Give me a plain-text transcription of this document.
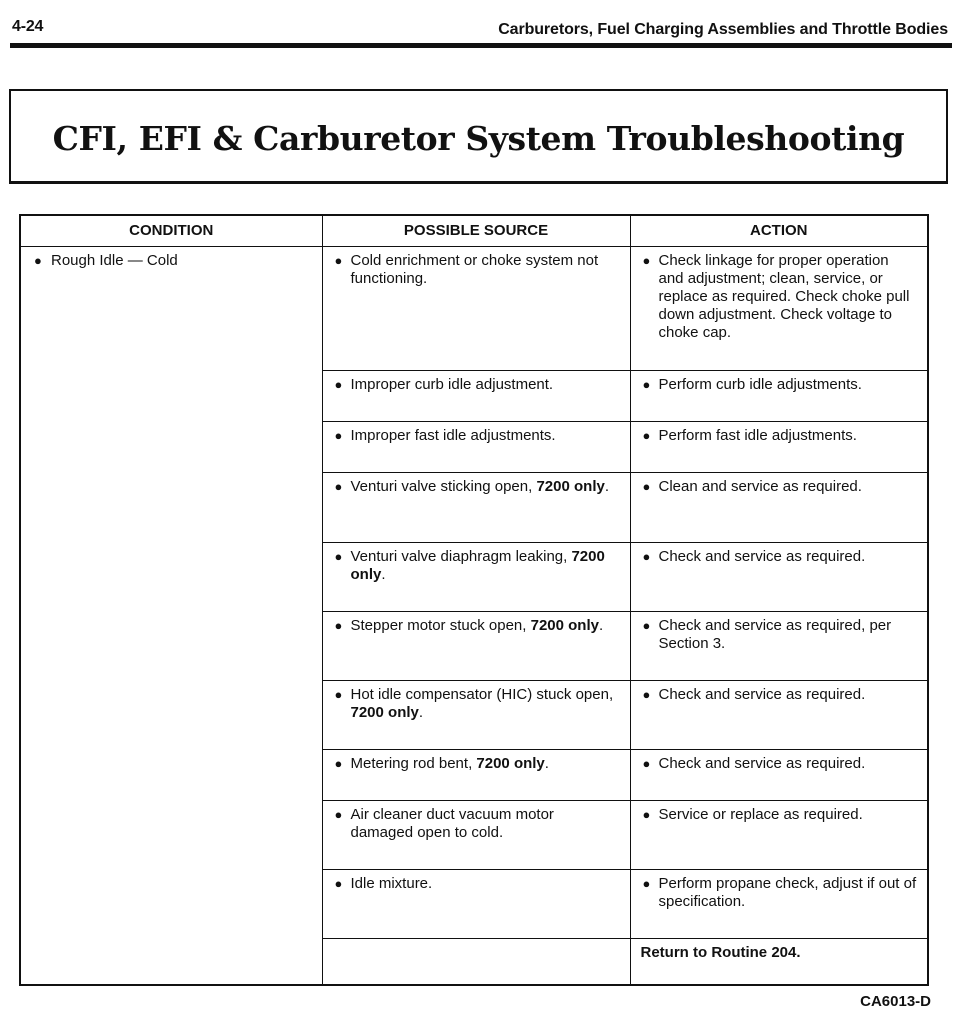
4-24	Carburetors, Fuel Charging Assemblies and Throttle Bodies
CFI, EFI & Carburetor System Troubleshooting
CONDITION	POSSIBLE SOURCE	ACTION

● Rough Idle — Cold	● Cold enrichment or choke system not functioning.	● Check linkage for proper operation and adjustment; clean, service, or replace as required. Check choke pull down adjustment. Check voltage to choke cap.

	● Improper curb idle adjustment.	● Perform curb idle adjustments.

	● Improper fast idle adjustments.	● Perform fast idle adjustments.

	● Venturi valve sticking open, 7200 only.	● Clean and service as required.

	● Venturi valve diaphragm leaking, 7200 only.	● Check and service as required.

	● Stepper motor stuck open, 7200 only.	● Check and service as required, per Section 3.

	● Hot idle compensator (HIC) stuck open, 7200 only.	● Check and service as required.

	● Metering rod bent, 7200 only.	● Check and service as required.

	● Air cleaner duct vacuum motor damaged open to cold.	● Service or replace as required.

	● Idle mixture.	● Perform propane check, adjust if out of specification.

		Return to Routine 204.
CA6013-D
